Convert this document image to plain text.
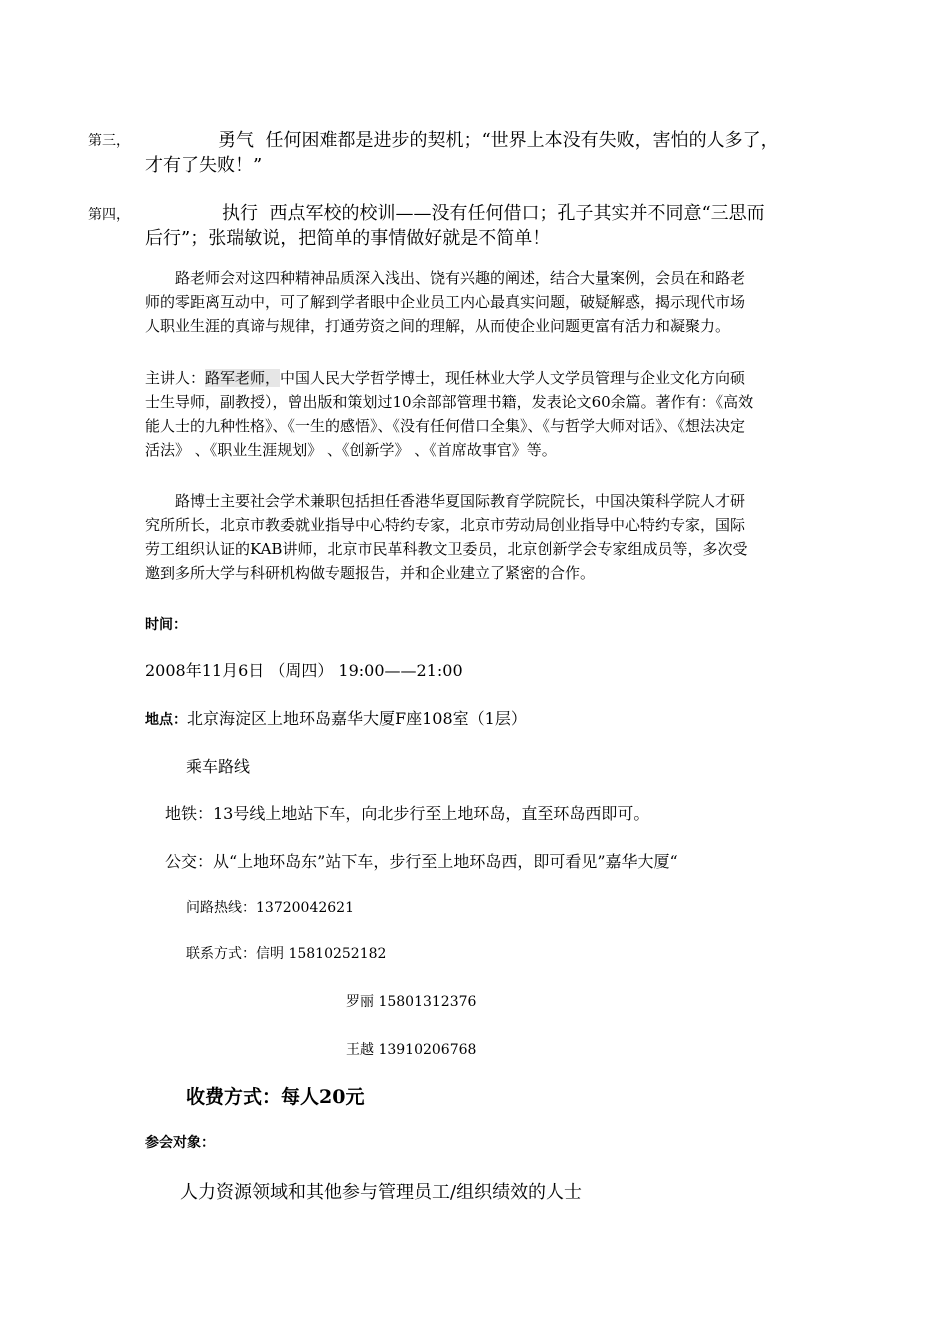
第三，	勇气 任何困难都是进步的契机；“世界上本没有失败，害怕的人多了，
才有了失败！”
第四，	执行 西点军校的校训——没有任何借口；孔子其实并不同意“三思而
后行”；张瑞敏说，把简单的事情做好就是不简单！
路老师会对这四种精神品质深入浅出、饶有兴趣的阐述，结合大量案例，会员在和路老
师的零距离互动中，可了解到学者眼中企业员工内心最真实问题，破疑解惑，揭示现代市场
人职业生涯的真谛与规律，打通劳资之间的理解，从而使企业问题更富有活力和凝聚力。
主讲人：路军老师，中国人民大学哲学博士，现任林业大学人文学员管理与企业文化方向硕
士生导师，副教授），曾出版和策划过10余部部管理书籍，发表论文60余篇。著作有：《高效
能人士的九种性格》、《一生的感悟》、《没有任何借口全集》、《与哲学大师对话》、《想法决定
活法》 、《职业生涯规划》 、《创新学》 、《首席故事官》等。
路博士主要社会学术兼职包括担任香港华夏国际教育学院院长，中国决策科学院人才研
究所所长，北京市教委就业指导中心特约专家，北京市劳动局创业指导中心特约专家，国际
劳工组织认证的KAB讲师，北京市民革科教文卫委员，北京创新学会专家组成员等，多次受
邀到多所大学与科研机构做专题报告，并和企业建立了紧密的合作。
时间：
2008年11月6日 （周四） 19:00——21:00
地点：北京海淀区上地环岛嘉华大厦F座108室（1层）
乘车路线
地铁：13号线上地站下车，向北步行至上地环岛，直至环岛西即可。
公交：从“上地环岛东”站下车，步行至上地环岛西，即可看见”嘉华大厦“
问路热线：13720042621
联系方式：信明 15810252182
罗丽 15801312376
王越 13910206768
收费方式：每人20元
参会对象：
人力资源领域和其他参与管理员工/组织绩效的人士
